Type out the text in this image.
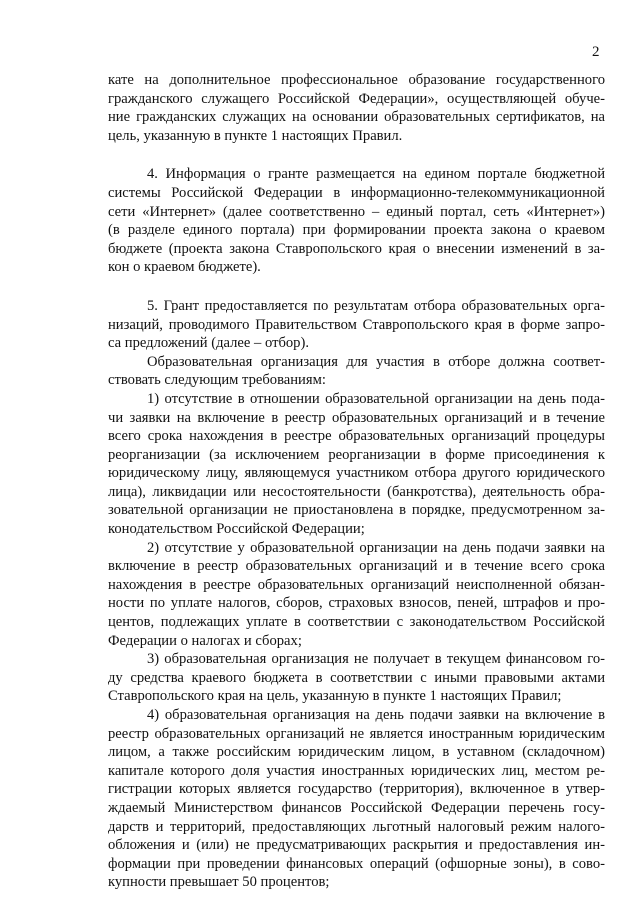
2
кате на дополнительное профессиональное образование государственного
гражданского служащего Российской Федерации», осуществляющей обуче-
ние гражданских служащих на основании образовательных сертификатов, на
цель, указанную в пункте 1 настоящих Правил.
4. Информация о гранте размещается на едином портале бюджетной
системы Российской Федерации в информационно-телекоммуникационной
сети «Интернет» (далее соответственно – единый портал, сеть «Интернет»)
(в разделе единого портала) при формировании проекта закона о краевом
бюджете (проекта закона Ставропольского края о внесении изменений в за-
кон о краевом бюджете).
5. Грант предоставляется по результатам отбора образовательных орга-
низаций, проводимого Правительством Ставропольского края в форме запро-
са предложений (далее – отбор).
Образовательная организация для участия в отборе должна соответ-
ствовать следующим требованиям:
1) отсутствие в отношении образовательной организации на день пода-
чи заявки на включение в реестр образовательных организаций и в течение
всего срока нахождения в реестре образовательных организаций процедуры
реорганизации (за исключением реорганизации в форме присоединения к
юридическому лицу, являющемуся участником отбора другого юридического
лица), ликвидации или несостоятельности (банкротства), деятельность обра-
зовательной организации не приостановлена в порядке, предусмотренном за-
конодательством Российской Федерации;
2) отсутствие у образовательной организации на день подачи заявки на
включение в реестр образовательных организаций и в течение всего срока
нахождения в реестре образовательных организаций неисполненной обязан-
ности по уплате налогов, сборов, страховых взносов, пеней, штрафов и про-
центов, подлежащих уплате в соответствии с законодательством Российской
Федерации о налогах и сборах;
3) образовательная организация не получает в текущем финансовом го-
ду средства краевого бюджета в соответствии с иными правовыми актами
Ставропольского края на цель, указанную в пункте 1 настоящих Правил;
4) образовательная организация на день подачи заявки на включение в
реестр образовательных организаций не является иностранным юридическим
лицом, а также российским юридическим лицом, в уставном (складочном)
капитале которого доля участия иностранных юридических лиц, местом ре-
гистрации которых является государство (территория), включенное в утвер-
ждаемый Министерством финансов Российской Федерации перечень госу-
дарств и территорий, предоставляющих льготный налоговый режим налого-
обложения и (или) не предусматривающих раскрытия и предоставления ин-
формации при проведении финансовых операций (офшорные зоны), в сово-
купности превышает 50 процентов;
